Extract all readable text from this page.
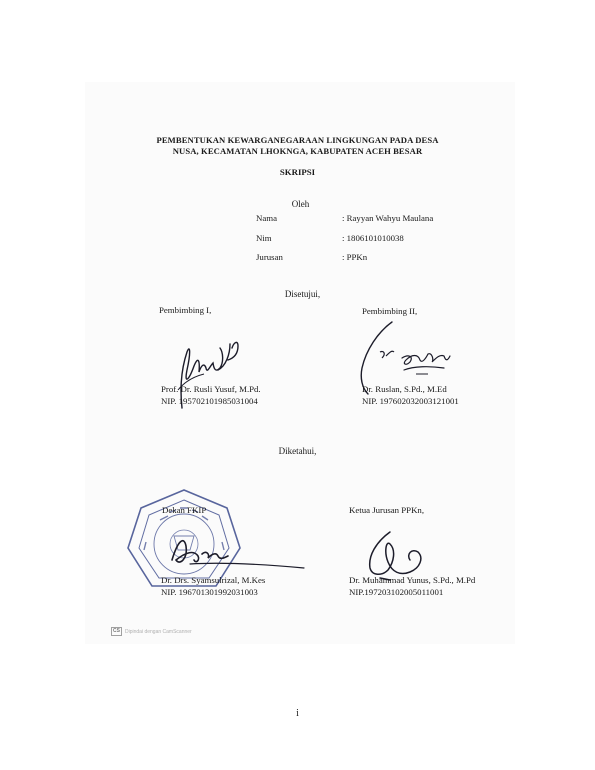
PEMBENTUKAN KEWARGANEGARAAN LINGKUNGAN PADA DESA
NUSA, KECAMATAN LHOKNGA, KABUPATEN ACEH BESAR
SKRIPSI
Oleh
Nama	: Rayyan Wahyu Maulana
Nim	: 1806101010038
Jurusan	: PPKn
Disetujui,
Pembimbing I,	Pembimbing II,
Prof. Dr. Rusli Yusuf, M.Pd.
NIP. 195702101985031004
Dr. Ruslan, S.Pd., M.Ed
NIP. 197602032003121001
Diketahui,
Dekan FKIP	Ketua Jurusan PPKn,
Dr. Drs. Syamsulrizal, M.Kes
NIP. 196701301992031003
Dr. Muhammad Yunus, S.Pd., M.Pd
NIP.197203102005011001
CS	Dipindai dengan CamScanner
i
